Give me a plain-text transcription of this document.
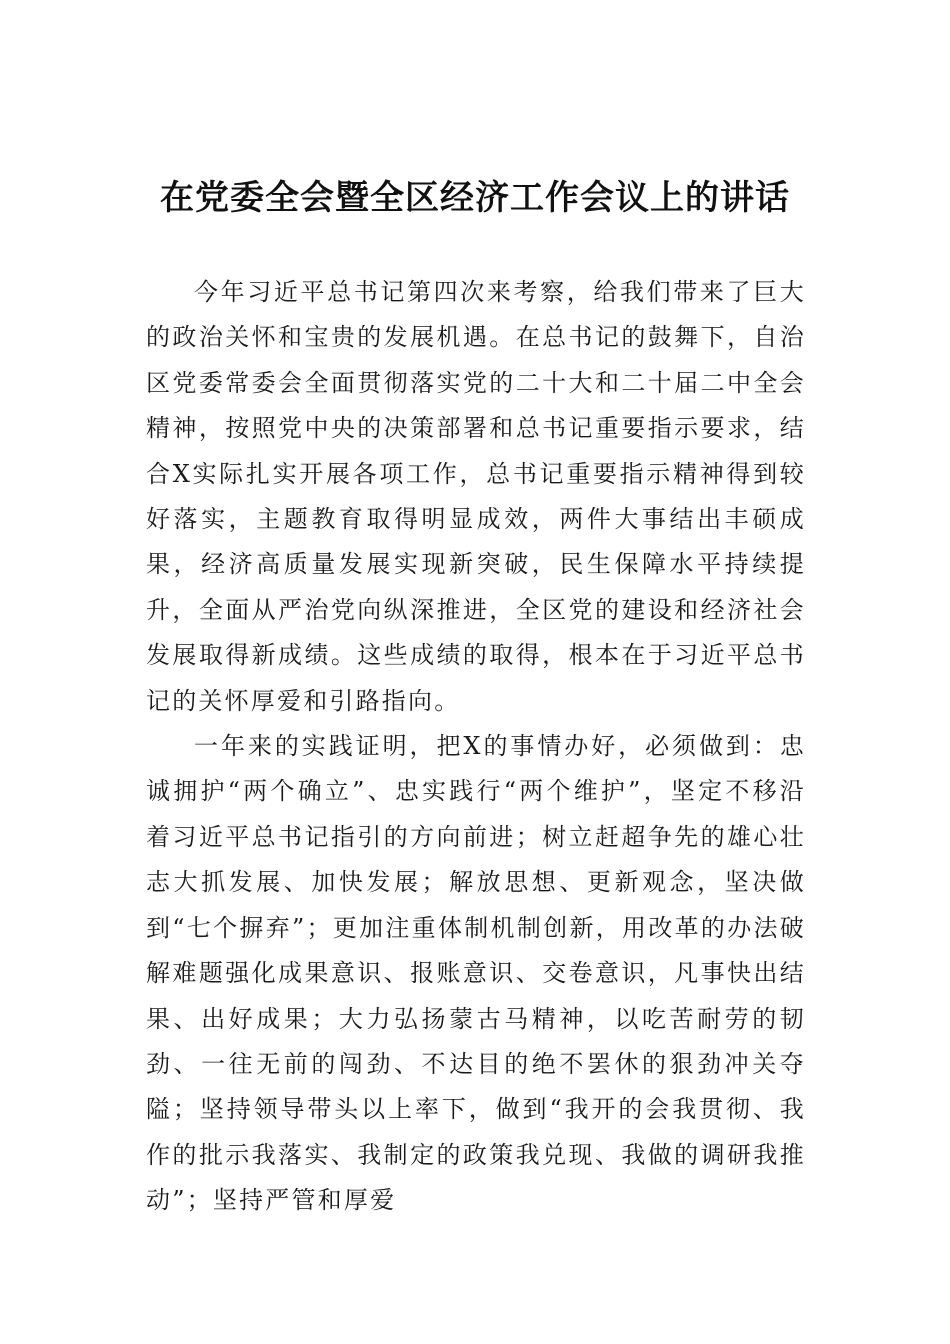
在党委全会暨全区经济工作会议上的讲话

今年习近平总书记第四次来考察，给我们带来了巨大的政治关怀和宝贵的发展机遇。在总书记的鼓舞下，自治区党委常委会全面贯彻落实党的二十大和二十届二中全会精神，按照党中央的决策部署和总书记重要指示要求，结合X实际扎实开展各项工作，总书记重要指示精神得到较好落实，主题教育取得明显成效，两件大事结出丰硕成果，经济高质量发展实现新突破，民生保障水平持续提升，全面从严治党向纵深推进，全区党的建设和经济社会发展取得新成绩。这些成绩的取得，根本在于习近平总书记的关怀厚爱和引路指向。

一年来的实践证明，把X的事情办好，必须做到：忠诚拥护“两个确立”、忠实践行“两个维护”，坚定不移沿着习近平总书记指引的方向前进；树立赶超争先的雄心壮志大抓发展、加快发展；解放思想、更新观念，坚决做到“七个摒弃”；更加注重体制机制创新，用改革的办法破解难题强化成果意识、报账意识、交卷意识，凡事快出结果、出好成果；大力弘扬蒙古马精神，以吃苦耐劳的韧劲、一往无前的闯劲、不达目的绝不罢休的狠劲冲关夺隘；坚持领导带头以上率下，做到“我开的会我贯彻、我作的批示我落实、我制定的政策我兑现、我做的调研我推动”；坚持严管和厚爱
